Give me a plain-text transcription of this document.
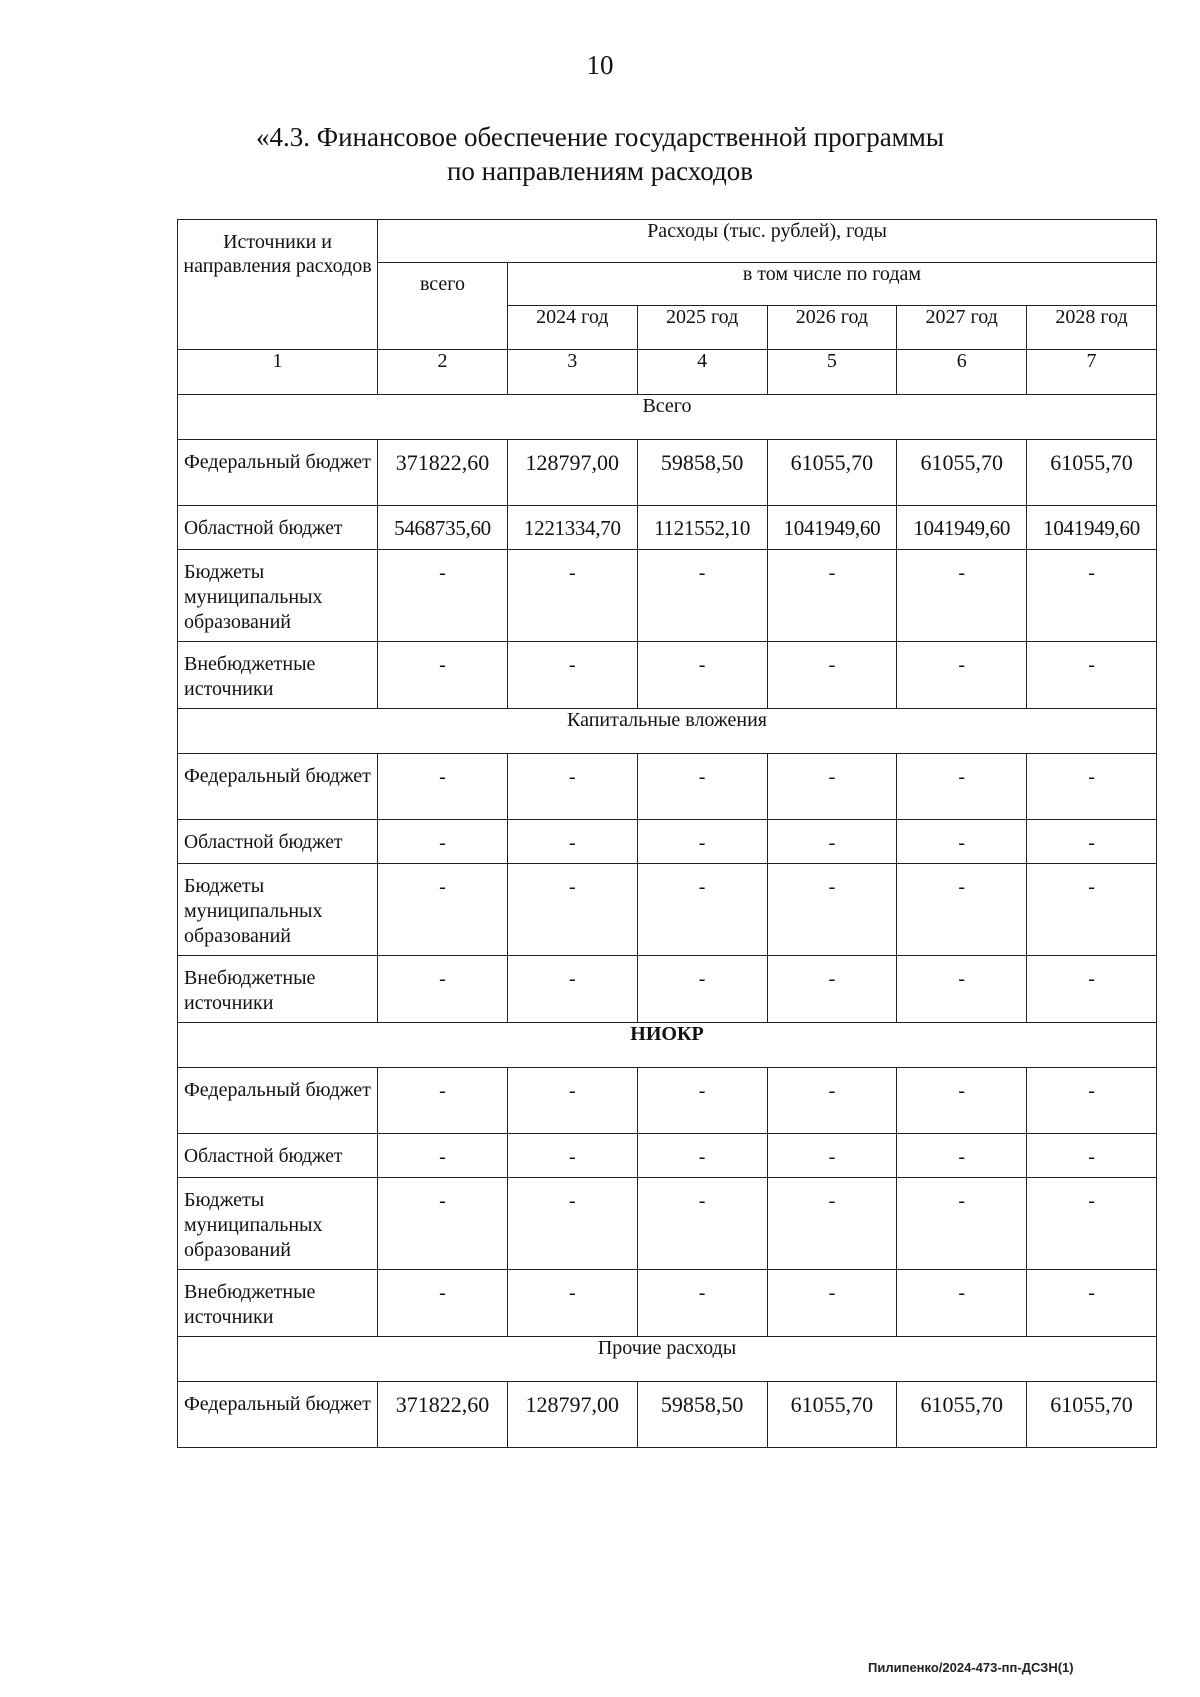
10
«4.3. Финансовое обеспечение государственной программы
по направлениям расходов
Источники и направления расходов	Расходы (тыс. рублей), годы					
	всего	в том числе по годам				
		2024 год	2025 год	2026 год	2027 год	2028 год
1	2	3	4	5	6	7
Всего						
Федеральный бюджет	371822,60	128797,00	59858,50	61055,70	61055,70	61055,70
Областной бюджет	5468735,60	1221334,70	1121552,10	1041949,60	1041949,60	1041949,60
Бюджеты муниципальных образований	-	-	-	-	-	-
Внебюджетные источники	-	-	-	-	-	-
Капитальные вложения						
Федеральный бюджет	-	-	-	-	-	-
Областной бюджет	-	-	-	-	-	-
Бюджеты муниципальных образований	-	-	-	-	-	-
Внебюджетные источники	-	-	-	-	-	-
НИОКР						
Федеральный бюджет	-	-	-	-	-	-
Областной бюджет	-	-	-	-	-	-
Бюджеты муниципальных образований	-	-	-	-	-	-
Внебюджетные источники	-	-	-	-	-	-
Прочие расходы						
Федеральный бюджет	371822,60	128797,00	59858,50	61055,70	61055,70	61055,70
Пилипенко/2024-473-пп-ДСЗН(1)
